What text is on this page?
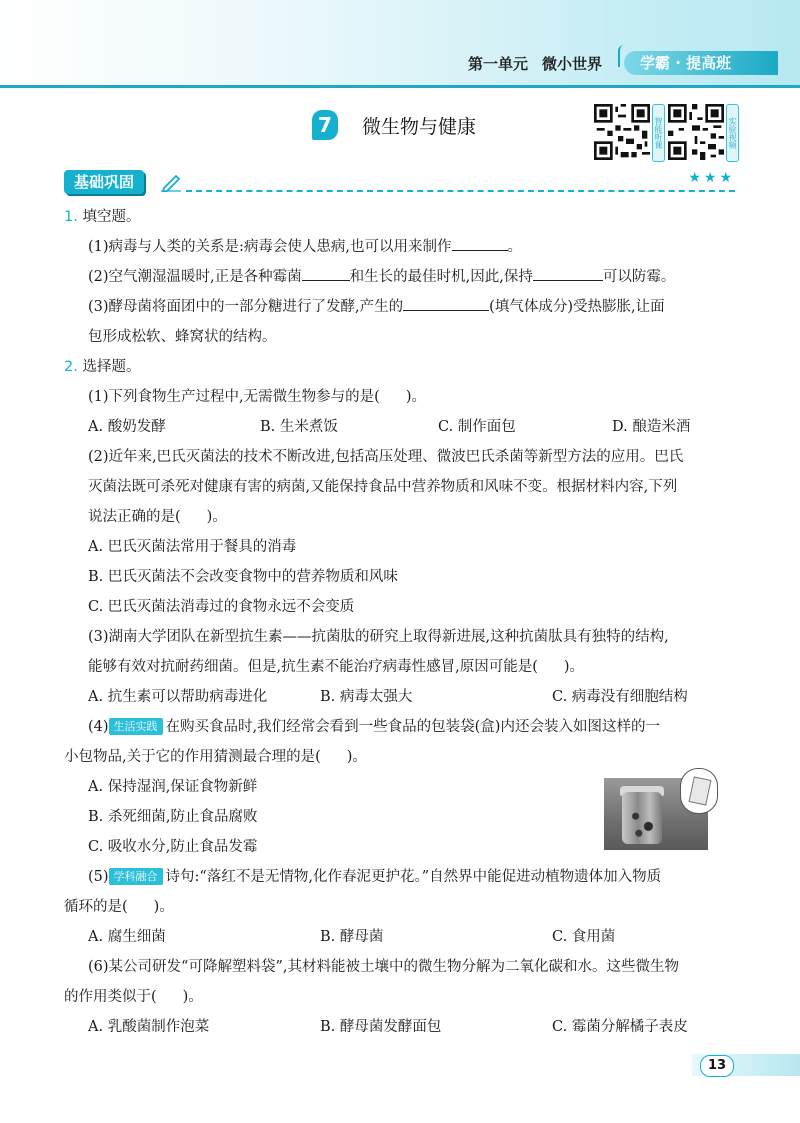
第一单元 微小世界	学霸 · 提高班
7	微生物与健康	智能听课	实验视频
基础巩固	★★★
1. 填空题。
(1)病毒与人类的关系是:病毒会使人患病,也可以用来制作	。
(2)空气潮湿温暖时,正是各种霉菌	和生长的最佳时机,因此,保持	可以防霉。
(3)酵母菌将面团中的一部分糖进行了发酵,产生的	(填气体成分)受热膨胀,让面
包形成松软、蜂窝状的结构。
2. 选择题。
(1)下列食物生产过程中,无需微生物参与的是( )。
A. 酸奶发酵	B. 生米煮饭	C. 制作面包	D. 酿造米酒
(2)近年来,巴氏灭菌法的技术不断改进,包括高压处理、微波巴氏杀菌等新型方法的应用。巴氏
灭菌法既可杀死对健康有害的病菌,又能保持食品中营养物质和风味不变。根据材料内容,下列
说法正确的是( )。
A. 巴氏灭菌法常用于餐具的消毒
B. 巴氏灭菌法不会改变食物中的营养物质和风味
C. 巴氏灭菌法消毒过的食物永远不会变质
(3)湖南大学团队在新型抗生素——抗菌肽的研究上取得新进展,这种抗菌肽具有独特的结构,
能够有效对抗耐药细菌。但是,抗生素不能治疗病毒性感冒,原因可能是( )。
A. 抗生素可以帮助病毒进化	B. 病毒太强大	C. 病毒没有细胞结构
(4) 生活实践 在购买食品时,我们经常会看到一些食品的包装袋(盒)内还会装入如图这样的一
小包物品,关于它的作用猜测最合理的是( )。
A. 保持湿润,保证食物新鲜
B. 杀死细菌,防止食品腐败
C. 吸收水分,防止食品发霉
(5) 学科融合 诗句:“落红不是无情物,化作春泥更护花。”自然界中能促进动植物遗体加入物质
循环的是( )。
A. 腐生细菌	B. 酵母菌	C. 食用菌
(6)某公司研发“可降解塑料袋”,其材料能被土壤中的微生物分解为二氧化碳和水。这些微生物
的作用类似于( )。
A. 乳酸菌制作泡菜	B. 酵母菌发酵面包	C. 霉菌分解橘子表皮
13
